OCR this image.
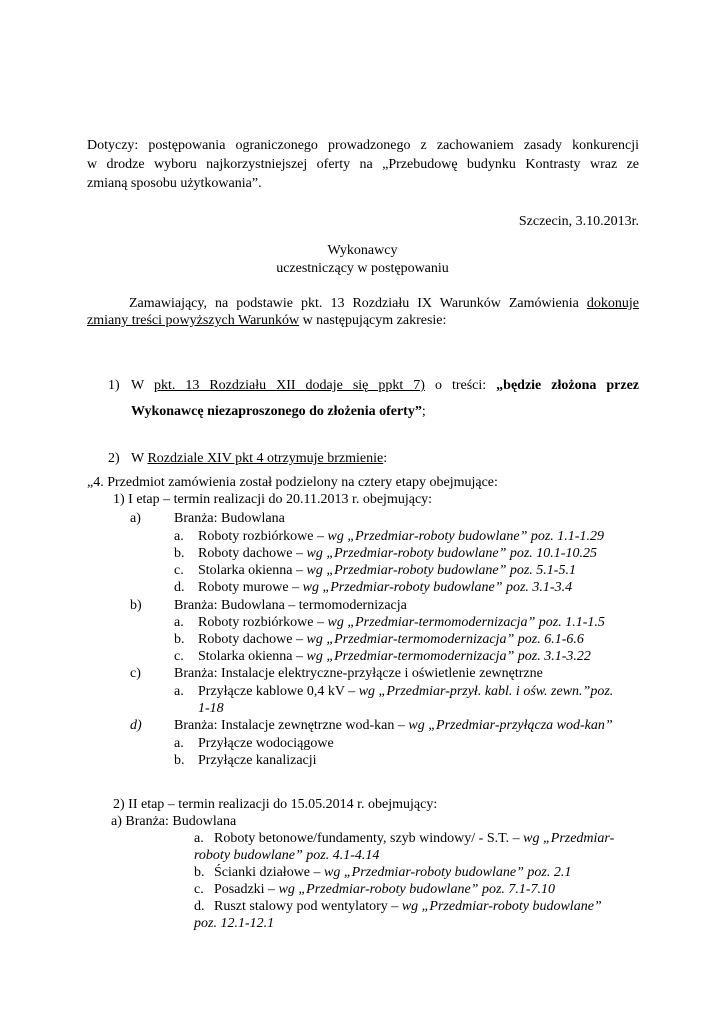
Dotyczy: postępowania ograniczonego prowadzonego z zachowaniem zasady konkurencji
w drodze wyboru najkorzystniejszej oferty na „Przebudowę budynku Kontrasty wraz ze
zmianą sposobu użytkowania”.
Szczecin, 3.10.2013r.
Wykonawcy
uczestniczący w postępowaniu
Zamawiający, na podstawie pkt. 13 Rozdziału IX Warunków Zamówienia dokonuje
zmiany treści powyższych Warunków w następującym zakresie:
1) W pkt. 13 Rozdziału XII dodaje się ppkt 7) o treści: „będzie złożona przez
Wykonawcę niezaproszonego do złożenia oferty”;
2) W Rozdziale XIV pkt 4 otrzymuje brzmienie:
„4. Przedmiot zamówienia został podzielony na cztery etapy obejmujące:
1) I etap – termin realizacji do 20.11.2013 r. obejmujący:
a) Branża: Budowlana
a. Roboty rozbiórkowe – wg „Przedmiar-roboty budowlane” poz. 1.1-1.29
b. Roboty dachowe – wg „Przedmiar-roboty budowlane” poz. 10.1-10.25
c. Stolarka okienna – wg „Przedmiar-roboty budowlane” poz. 5.1-5.1
d. Roboty murowe – wg „Przedmiar-roboty budowlane” poz. 3.1-3.4
b) Branża: Budowlana – termomodernizacja
a. Roboty rozbiórkowe – wg „Przedmiar-termomodernizacja” poz. 1.1-1.5
b. Roboty dachowe – wg „Przedmiar-termomodernizacja” poz. 6.1-6.6
c. Stolarka okienna – wg „Przedmiar-termomodernizacja” poz. 3.1-3.22
c) Branża: Instalacje elektryczne-przyłącze i oświetlenie zewnętrzne
a. Przyłącze kablowe 0,4 kV – wg „Przedmiar-przył. kabl. i ośw. zewn.”poz.
1-18
d) Branża: Instalacje zewnętrzne wod-kan – wg „Przedmiar-przyłącza wod-kan”
a. Przyłącze wodociągowe
b. Przyłącze kanalizacji
2) II etap – termin realizacji do 15.05.2014 r. obejmujący:
a) Branża: Budowlana
a. Roboty betonowe/fundamenty, szyb windowy/ - S.T. – wg „Przedmiar-
roboty budowlane” poz. 4.1-4.14
b. Ścianki działowe – wg „Przedmiar-roboty budowlane” poz. 2.1
c. Posadzki – wg „Przedmiar-roboty budowlane” poz. 7.1-7.10
d. Ruszt stalowy pod wentylatory – wg „Przedmiar-roboty budowlane”
poz. 12.1-12.1
